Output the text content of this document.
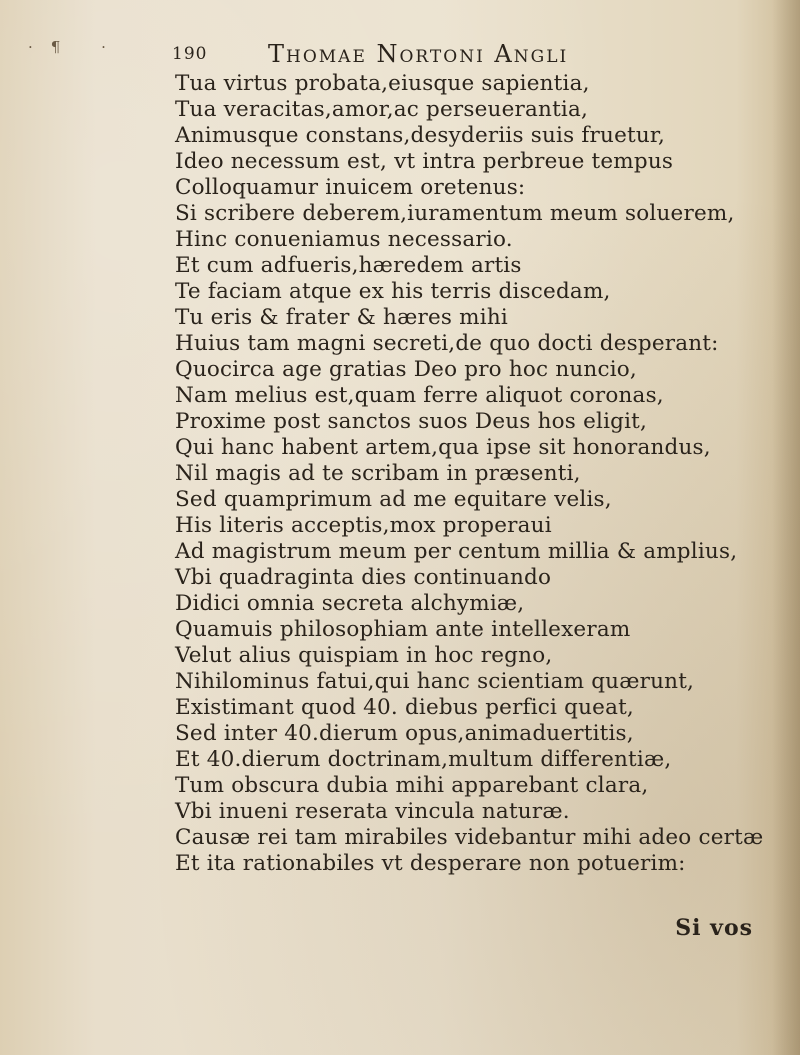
·¶ ·	190	Thomae Nortoni Angli
Tua virtus probata,eiusque sapientia,
Tua veracitas,amor,ac perseuerantia,
Animusque constans,desyderiis suis fruetur,
Ideo necessum est, vt intra perbreue tempus
Colloquamur inuicem oretenus:
Si scribere deberem,iuramentum meum soluerem,
Hinc conueniamus necessario.
Et cum adfueris,hæredem artis
Te faciam atque ex his terris discedam,
Tu eris & frater & hæres mihi
Huius tam magni secreti,de quo docti desperant:
Quocirca age gratias Deo pro hoc nuncio,
Nam melius est,quam ferre aliquot coronas,
Proxime post sanctos suos Deus hos eligit,
Qui hanc habent artem,qua ipse sit honorandus,
Nil magis ad te scribam in præsenti,
Sed quamprimum ad me equitare velis,
His literis acceptis,mox properaui
Ad magistrum meum per centum millia & amplius,
Vbi quadraginta dies continuando
Didici omnia secreta alchymiæ,
Quamuis philosophiam ante intellexeram
Velut alius quispiam in hoc regno,
Nihilominus fatui,qui hanc scientiam quærunt,
Existimant quod 40. diebus perfici queat,
Sed inter 40.dierum opus,animaduertitis,
Et 40.dierum doctrinam,multum differentiæ,
Tum obscura dubia mihi apparebant clara,
Vbi inueni reserata vincula naturæ.
Causæ rei tam mirabiles videbantur mihi adeo certæ
Et ita rationabiles vt desperare non potuerim:
Si vos
